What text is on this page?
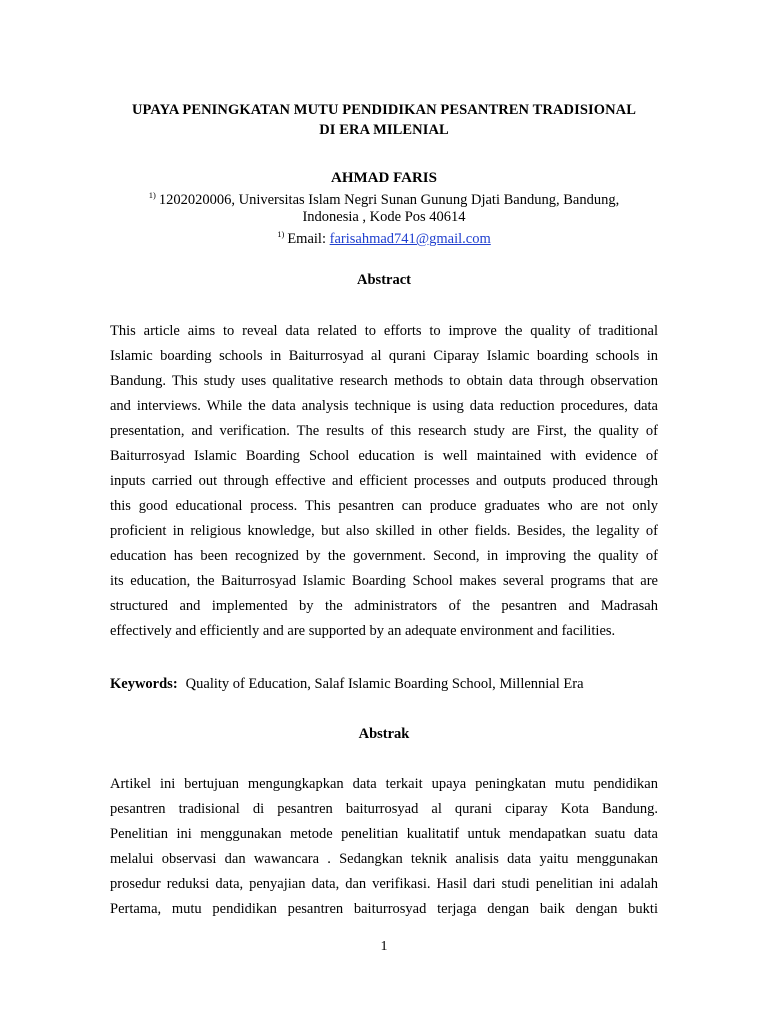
UPAYA PENINGKATAN MUTU PENDIDIKAN PESANTREN TRADISIONAL
DI ERA MILENIAL
AHMAD FARIS
$^{1)}$ 1202020006, Universitas Islam Negri Sunan Gunung Djati Bandung, Bandung,
Indonesia , Kode Pos 40614
$^{1)}$ Email: farisahmad741@gmail.com
Abstract
This article aims to reveal data related to efforts to improve the quality of traditional
Islamic boarding schools in Baiturrosyad al qurani Ciparay Islamic boarding schools in
Bandung. This study uses qualitative research methods to obtain data through observation
and interviews. While the data analysis technique is using data reduction procedures, data
presentation, and verification. The results of this research study are First, the quality of
Baiturrosyad Islamic Boarding School education is well maintained with evidence of
inputs carried out through effective and efficient processes and outputs produced through
this good educational process. This pesantren can produce graduates who are not only
proficient in religious knowledge, but also skilled in other fields. Besides, the legality of
education has been recognized by the government. Second, in improving the quality of
its education, the Baiturrosyad Islamic Boarding School makes several programs that are
structured and implemented by the administrators of the pesantren and Madrasah
effectively and efficiently and are supported by an adequate environment and facilities.
Keywords: Quality of Education, Salaf Islamic Boarding School, Millennial Era
Abstrak
Artikel ini bertujuan mengungkapkan data terkait upaya peningkatan mutu pendidikan
pesantren tradisional di pesantren baiturrosyad al qurani ciparay Kota Bandung.
Penelitian ini menggunakan metode penelitian kualitatif untuk mendapatkan suatu data
melalui observasi dan wawancara . Sedangkan teknik analisis data yaitu menggunakan
prosedur reduksi data, penyajian data, dan verifikasi. Hasil dari studi penelitian ini adalah
Pertama, mutu pendidikan pesantren baiturrosyad terjaga dengan baik dengan bukti
1
